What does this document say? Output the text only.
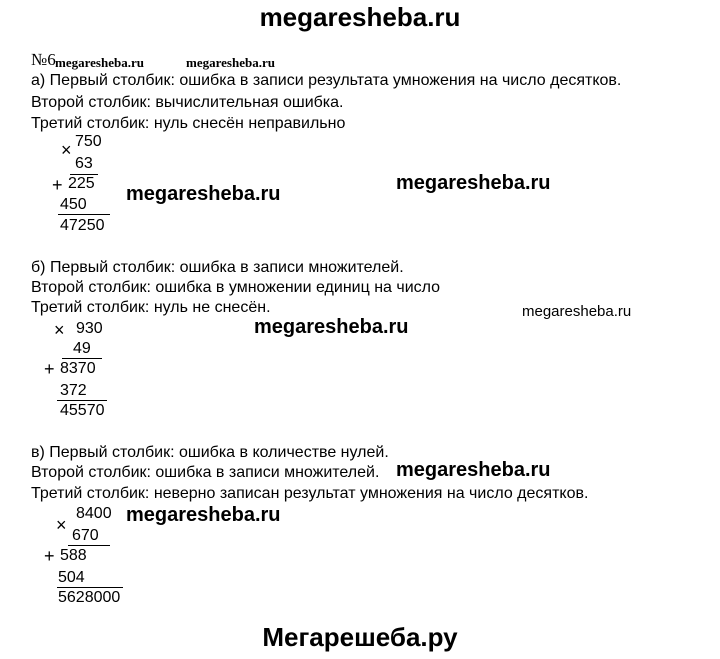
megaresheba.ru
№6 megaresheba.ru	megaresheba.ru
а) Первый столбик: ошибка в записи результата умножения на число десятков.
Второй столбик: вычислительная ошибка.
Третий столбик: нуль снесён неправильно
× 750
63
+ 225
450
47250
megaresheba.ru	megaresheba.ru
б) Первый столбик: ошибка в записи множителей.
Второй столбик: ошибка в умножении единиц на число
Третий столбик: нуль не снесён.	megaresheba.ru
megaresheba.ru
× 930
49
+ 8370
372
45570
в) Первый столбик: ошибка в количестве нулей.
Второй столбик: ошибка в записи множителей.
Третий столбик: неверно записан результат умножения на число десятков.
megaresheba.ru
megaresheba.ru
×
8400
670
+ 588
504
5628000
Мегарешеба.ру
